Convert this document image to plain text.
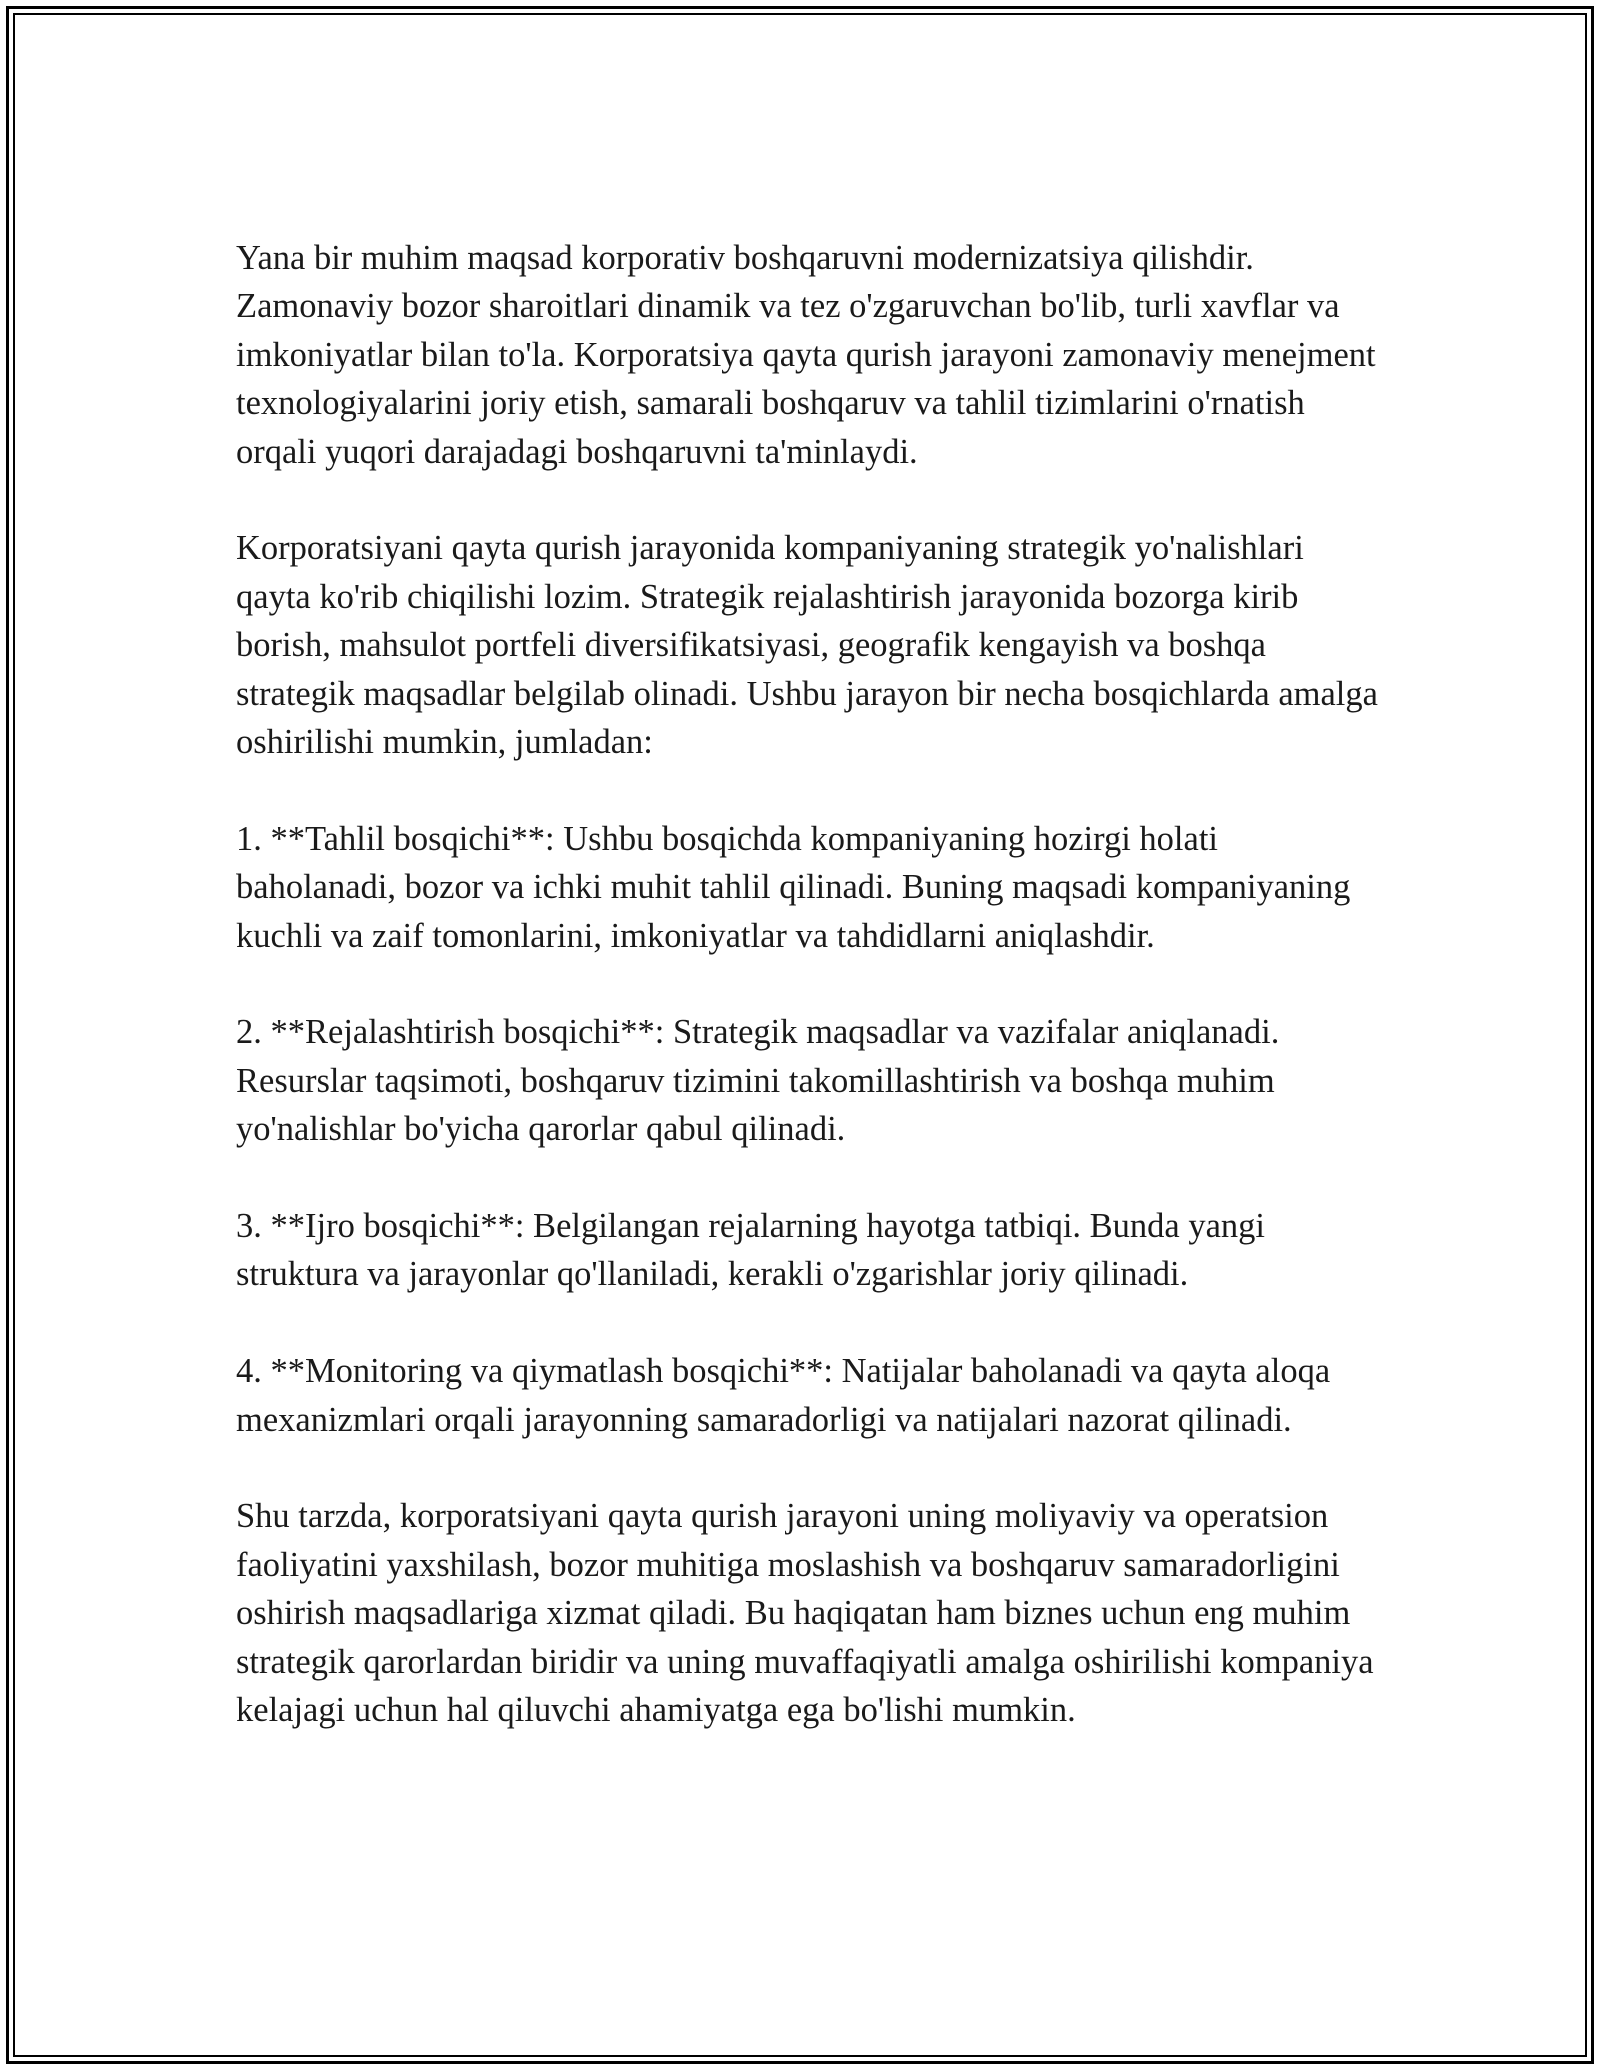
Yana bir muhim maqsad korporativ boshqaruvni modernizatsiya qilishdir. Zamonaviy bozor sharoitlari dinamik va tez o'zgaruvchan bo'lib, turli xavflar va imkoniyatlar bilan to'la. Korporatsiya qayta qurish jarayoni zamonaviy menejment texnologiyalarini joriy etish, samarali boshqaruv va tahlil tizimlarini o'rnatish orqali yuqori darajadagi boshqaruvni ta'minlaydi.

Korporatsiyani qayta qurish jarayonida kompaniyaning strategik yo'nalishlari qayta ko'rib chiqilishi lozim. Strategik rejalashtirish jarayonida bozorga kirib borish, mahsulot portfeli diversifikatsiyasi, geografik kengayish va boshqa strategik maqsadlar belgilab olinadi. Ushbu jarayon bir necha bosqichlarda amalga oshirilishi mumkin, jumladan:

1. **Tahlil bosqichi**: Ushbu bosqichda kompaniyaning hozirgi holati baholanadi, bozor va ichki muhit tahlil qilinadi. Buning maqsadi kompaniyaning kuchli va zaif tomonlarini, imkoniyatlar va tahdidlarni aniqlashdir.

2. **Rejalashtirish bosqichi**: Strategik maqsadlar va vazifalar aniqlanadi. Resurslar taqsimoti, boshqaruv tizimini takomillashtirish va boshqa muhim yo'nalishlar bo'yicha qarorlar qabul qilinadi.

3. **Ijro bosqichi**: Belgilangan rejalarning hayotga tatbiqi. Bunda yangi struktura va jarayonlar qo'llaniladi, kerakli o'zgarishlar joriy qilinadi.

4. **Monitoring va qiymatlash bosqichi**: Natijalar baholanadi va qayta aloqa mexanizmlari orqali jarayonning samaradorligi va natijalari nazorat qilinadi.

Shu tarzda, korporatsiyani qayta qurish jarayoni uning moliyaviy va operatsion faoliyatini yaxshilash, bozor muhitiga moslashish va boshqaruv samaradorligini oshirish maqsadlariga xizmat qiladi. Bu haqiqatan ham biznes uchun eng muhim strategik qarorlardan biridir va uning muvaffaqiyatli amalga oshirilishi kompaniya kelajagi uchun hal qiluvchi ahamiyatga ega bo'lishi mumkin.
